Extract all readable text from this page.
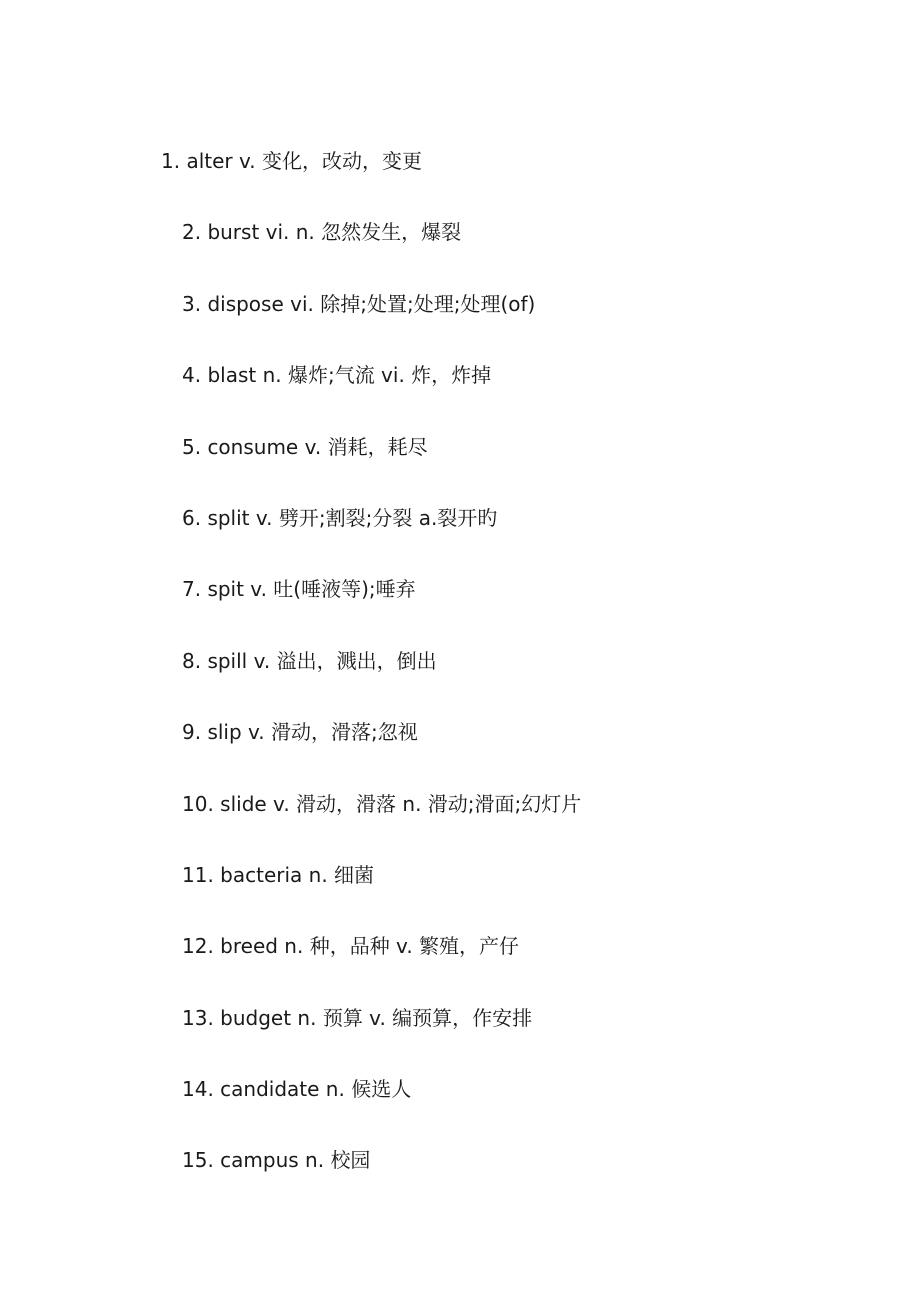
1. alter v. 变化，改动，变更
2. burst vi. n. 忽然发生，爆裂
3. dispose vi. 除掉;处置;处理;处理(of)
4. blast n. 爆炸;气流 vi. 炸，炸掉
5. consume v. 消耗，耗尽
6. split v. 劈开;割裂;分裂 a.裂开旳
7. spit v. 吐(唾液等);唾弃
8. spill v. 溢出，溅出，倒出
9. slip v. 滑动，滑落;忽视
10. slide v. 滑动，滑落 n. 滑动;滑面;幻灯片
11. bacteria n. 细菌
12. breed n. 种，品种 v. 繁殖，产仔
13. budget n. 预算 v. 编预算，作安排
14. candidate n. 候选人
15. campus n. 校园
